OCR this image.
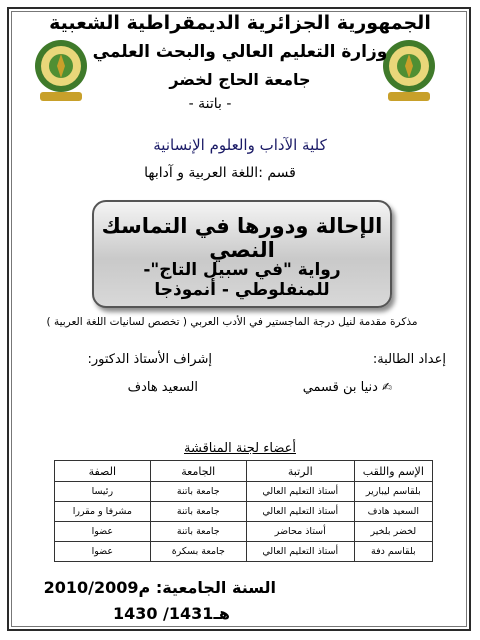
الجمهورية الجزائرية الديمقراطية الشعبية
وزارة التعليم العالي والبحث العلمي
جامعة الحاج لخضر
- باتنة -
كلية الآداب والعلوم الإنسانية
قسم :اللغة العربية و آدابها
الإحالة ودورها في التماسك النصي
رواية "في سبيل التاج"- للمنفلوطي - أنموذجا
مذكرة مقدمة لنيل درجة الماجستير في الأدب العربي ( تخصص لسانيات اللغة العربية )
إعداد الطالبة:
إشراف الأستاذ الدكتور:
✍دنيا بن قسمي
السعيد هادف
أعضاء لجنة المناقشة
الإسم واللقب	الرتبة	الجامعة	الصفة
بلقاسم ليبارير	أستاذ التعليم العالي	جامعة باتنة	رئيسا
السعيد هادف	أستاذ التعليم العالي	جامعة باتنة	مشرفا و مقررا
لخضر بلخير	أستاذ محاضر	جامعة باتنة	عضوا
بلقاسم دفة	أستاذ التعليم العالي	جامعة بسكرة	عضوا
السنة الجامعية: 2010/2009م
1430 /1431هـ
